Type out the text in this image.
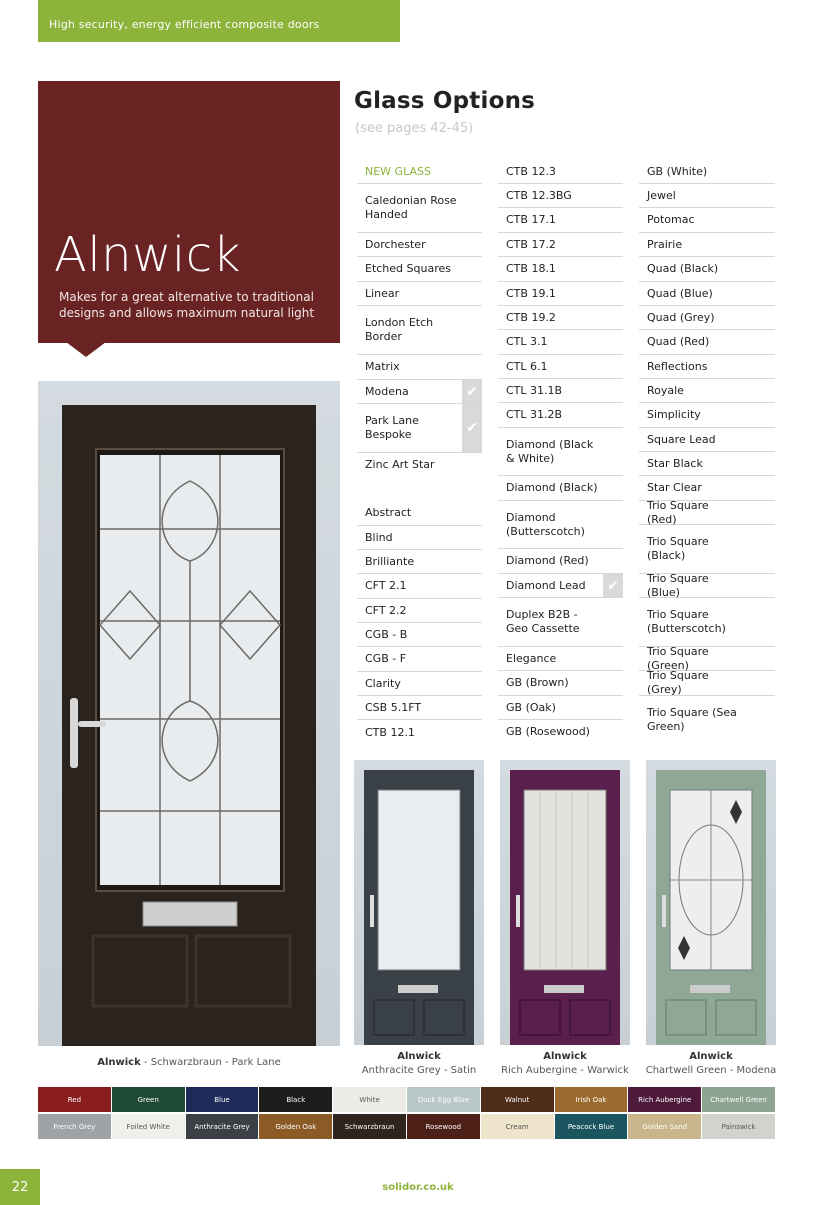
High security, energy efficient composite doors
Alnwick
Makes for a great alternative to traditional designs and allows maximum natural light
Glass Options
(see pages 42-45)
NEW GLASS
Caledonian Rose Handed
Dorchester
Etched Squares
Linear
London Etch Border
Matrix
Modena	✔
Park Lane Bespoke	✔
Zinc Art Star
Abstract
Blind
Brilliante
CFT 2.1
CFT 2.2
CGB - B
CGB - F
Clarity
CSB 5.1FT
CTB 12.1
CTB 12.3
CTB 12.3BG
CTB 17.1
CTB 17.2
CTB 18.1
CTB 19.1
CTB 19.2
CTL 3.1
CTL 6.1
CTL 31.1B
CTL 31.2B
Diamond (Black & White)
Diamond (Black)
Diamond (Butterscotch)
Diamond (Red)
Diamond Lead ✔
Duplex B2B - Geo Cassette
Elegance
GB (Brown)
GB (Oak)
GB (Rosewood)
GB (White)
Jewel
Potomac
Prairie
Quad (Black)
Quad (Blue)
Quad (Grey)
Quad (Red)
Reflections
Royale
Simplicity
Square Lead
Star Black
Star Clear
Trio Square (Red)
Trio Square (Black)
Trio Square (Blue)
Trio Square (Butterscotch)
Trio Square (Green)
Trio Square (Grey)
Trio Square (Sea Green)
Alnwick - Schwarzbraun - Park Lane
Alnwick
Anthracite Grey - Satin
Alnwick
Rich Aubergine - Warwick
Alnwick
Chartwell Green - Modena
Red	Green	Blue	Black	White	Duck Egg Blue	Walnut	Irish Oak	Rich Aubergine	Chartwell Green
French Grey	Foiled White	Anthracite Grey	Golden Oak	Schwarzbraun	Rosewood	Cream	Peacock Blue	Golden Sand	Painswick
22	solidor.co.uk
